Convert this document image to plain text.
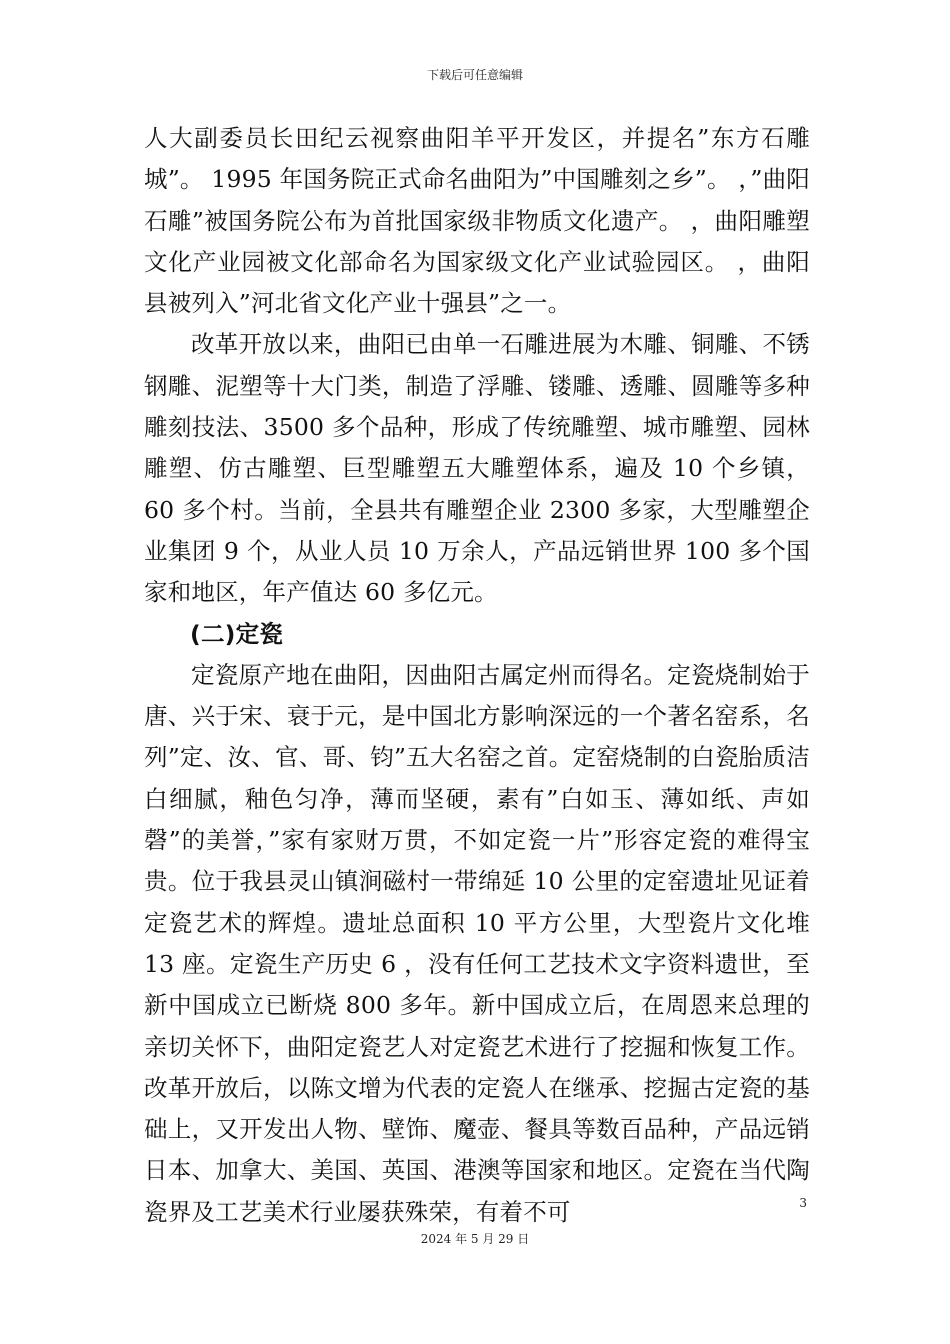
下载后可任意编辑

人大副委员长田纪云视察曲阳羊平开发区，并提名”东方石雕城”。 1995 年国务院正式命名曲阳为”中国雕刻之乡”。 ，”曲阳石雕”被国务院公布为首批国家级非物质文化遗产。 ，曲阳雕塑文化产业园被文化部命名为国家级文化产业试验园区。 ，曲阳县被列入”河北省文化产业十强县”之一。

改革开放以来，曲阳已由单一石雕进展为木雕、铜雕、不锈钢雕、泥塑等十大门类，制造了浮雕、镂雕、透雕、圆雕等多种雕刻技法、3500 多个品种，形成了传统雕塑、城市雕塑、园林雕塑、仿古雕塑、巨型雕塑五大雕塑体系，遍及 10 个乡镇，60 多个村。当前，全县共有雕塑企业 2300 多家，大型雕塑企业集团 9 个，从业人员 10 万余人，产品远销世界 100 多个国家和地区，年产值达 60 多亿元。

(二)定瓷

定瓷原产地在曲阳，因曲阳古属定州而得名。定瓷烧制始于唐、兴于宋、衰于元，是中国北方影响深远的一个著名窑系，名列”定、汝、官、哥、钧”五大名窑之首。定窑烧制的白瓷胎质洁白细腻，釉色匀净，薄而坚硬，素有”白如玉、薄如纸、声如磬”的美誉，”家有家财万贯，不如定瓷一片”形容定瓷的难得宝贵。位于我县灵山镇涧磁村一带绵延 10 公里的定窑遗址见证着定瓷艺术的辉煌。遗址总面积 10 平方公里，大型瓷片文化堆 13 座。定瓷生产历史 6 ，没有任何工艺技术文字资料遗世，至新中国成立已断烧 800 多年。新中国成立后，在周恩来总理的亲切关怀下，曲阳定瓷艺人对定瓷艺术进行了挖掘和恢复工作。改革开放后，以陈文增为代表的定瓷人在继承、挖掘古定瓷的基础上，又开发出人物、壁饰、魔壶、餐具等数百品种，产品远销日本、加拿大、美国、英国、港澳等国家和地区。定瓷在当代陶瓷界及工艺美术行业屡获殊荣，有着不可	3
2024 年 5 月 29 日
